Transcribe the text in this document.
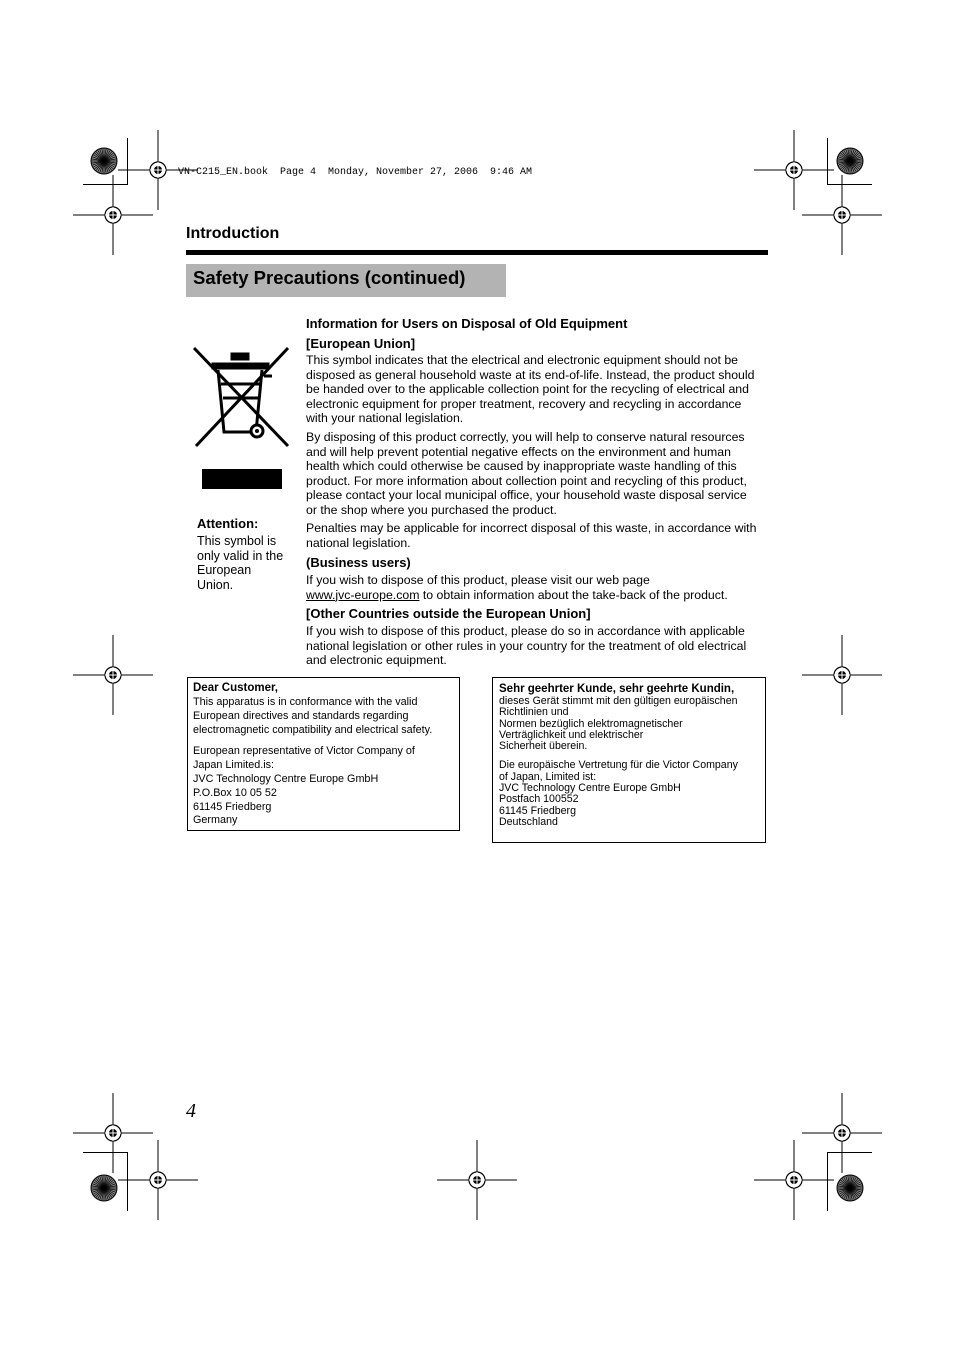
VN-C215_EN.book  Page 4  Monday, November 27, 2006  9:46 AM
Introduction
Safety Precautions (continued)
Attention:
This symbol is only valid in the European Union.
Information for Users on Disposal of Old Equipment
[European Union]
This symbol indicates that the electrical and electronic equipment should not be disposed as general household waste at its end-of-life. Instead, the product should be handed over to the applicable collection point for the recycling of electrical and electronic equipment for proper treatment, recovery and recycling in accordance with your national legislation.
By disposing of this product correctly, you will help to conserve natural resources and will help prevent potential negative effects on the environment and human health which could otherwise be caused by inappropriate waste handling of this product. For more information about collection point and recycling of this product, please contact your local municipal office, your household waste disposal service or the shop where you purchased the product.
Penalties may be applicable for incorrect disposal of this waste, in accordance with national legislation.
(Business users)
If you wish to dispose of this product, please visit our web page
www.jvc-europe.com to obtain information about the take-back of the product.
[Other Countries outside the European Union]
If you wish to dispose of this product, please do so in accordance with applicable national legislation or other rules in your country for the treatment of old electrical and electronic equipment.
Dear Customer,
This apparatus is in conformance with the valid
European directives and standards regarding
electromagnetic compatibility and electrical safety.
European representative of Victor Company of
Japan Limited.is:
JVC Technology Centre Europe GmbH
P.O.Box 10 05 52
61145 Friedberg
Germany
Sehr geehrter Kunde, sehr geehrte Kundin,
dieses Gerät stimmt mit den gültigen europäischen
Richtlinien und
Normen bezüglich elektromagnetischer
Verträglichkeit und elektrischer
Sicherheit überein.
Die europäische Vertretung für die Victor Company
of Japan, Limited ist:
JVC Technology Centre Europe GmbH
Postfach 100552
61145 Friedberg
Deutschland
4
